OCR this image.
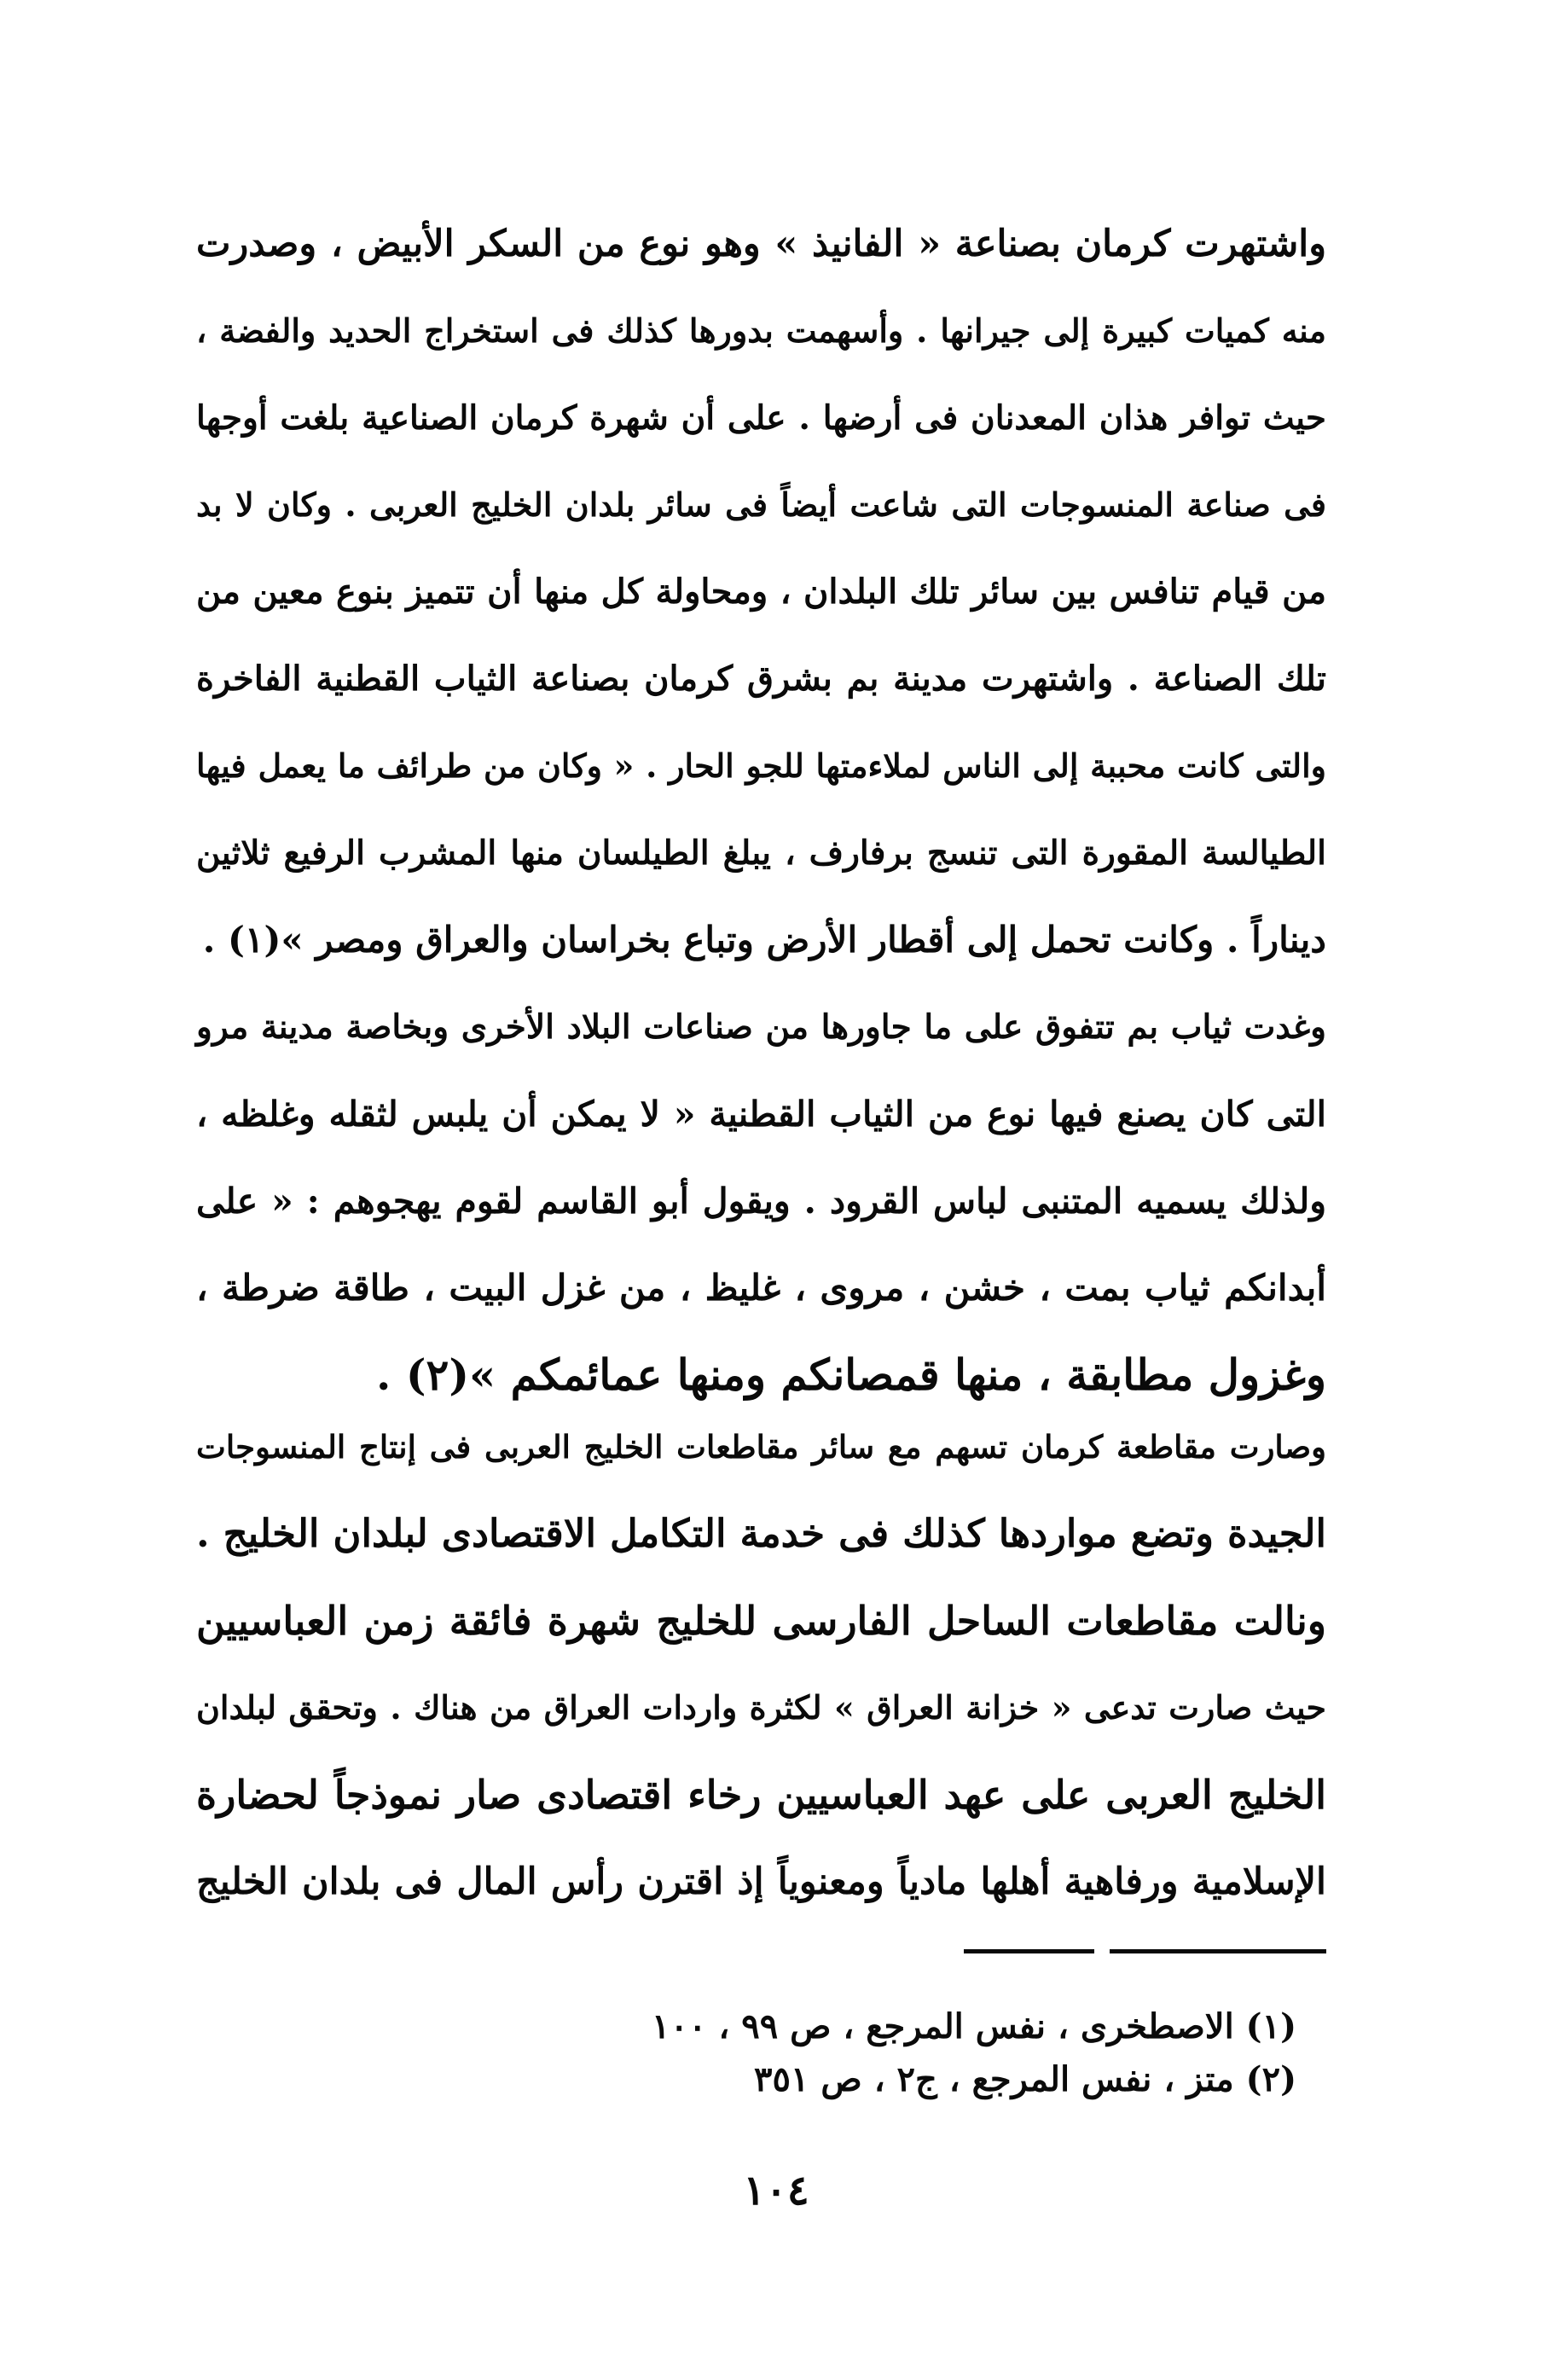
واشتهرت كرمان بصناعة « الفانيذ » وهو نوع من السكر الأبيض ، وصدرت
منه كميات كبيرة إلى جيرانها . وأسهمت بدورها كذلك فى استخراج الحديد والفضة ،
حيث توافر هذان المعدنان فى أرضها . على أن شهرة كرمان الصناعية بلغت أوجها
فى صناعة المنسوجات التى شاعت أيضاً فى سائر بلدان الخليج العربى . وكان لا بد
من قيام تنافس بين سائر تلك البلدان ، ومحاولة كل منها أن تتميز بنوع معين من
تلك الصناعة . واشتهرت مدينة بم بشرق كرمان بصناعة الثياب القطنية الفاخرة
والتى كانت محببة إلى الناس لملاءمتها للجو الحار . « وكان من طرائف ما يعمل فيها
الطيالسة المقورة التى تنسج برفارف ، يبلغ الطيلسان منها المشرب الرفيع ثلاثين
ديناراً . وكانت تحمل إلى أقطار الأرض وتباع بخراسان والعراق ومصر »(١) .
وغدت ثياب بم تتفوق على ما جاورها من صناعات البلاد الأخرى وبخاصة مدينة مرو
التى كان يصنع فيها نوع من الثياب القطنية « لا يمكن أن يلبس لثقله وغلظه ،
ولذلك يسميه المتنبى لباس القرود . ويقول أبو القاسم لقوم يهجوهم : « على
أبدانكم ثياب بمت ، خشن ، مروى ، غليظ ، من غزل البيت ، طاقة ضرطة ،
وغزول مطابقة ، منها قمصانكم ومنها عمائمكم »(٢) .
وصارت مقاطعة كرمان تسهم مع سائر مقاطعات الخليج العربى فى إنتاج المنسوجات
الجيدة وتضع مواردها كذلك فى خدمة التكامل الاقتصادى لبلدان الخليج .
ونالت مقاطعات الساحل الفارسى للخليج شهرة فائقة زمن العباسيين
حيث صارت تدعى « خزانة العراق » لكثرة واردات العراق من هناك . وتحقق لبلدان
الخليج العربى على عهد العباسيين رخاء اقتصادى صار نموذجاً لحضارة
الإسلامية ورفاهية أهلها مادياً ومعنوياً إذ اقترن رأس المال فى بلدان الخليج
(١) الاصطخرى ، نفس المرجع ، ص ٩٩ ، ١٠٠
(٢) متز ، نفس المرجع ، ج٢ ، ص ٣٥١
١٠٤
